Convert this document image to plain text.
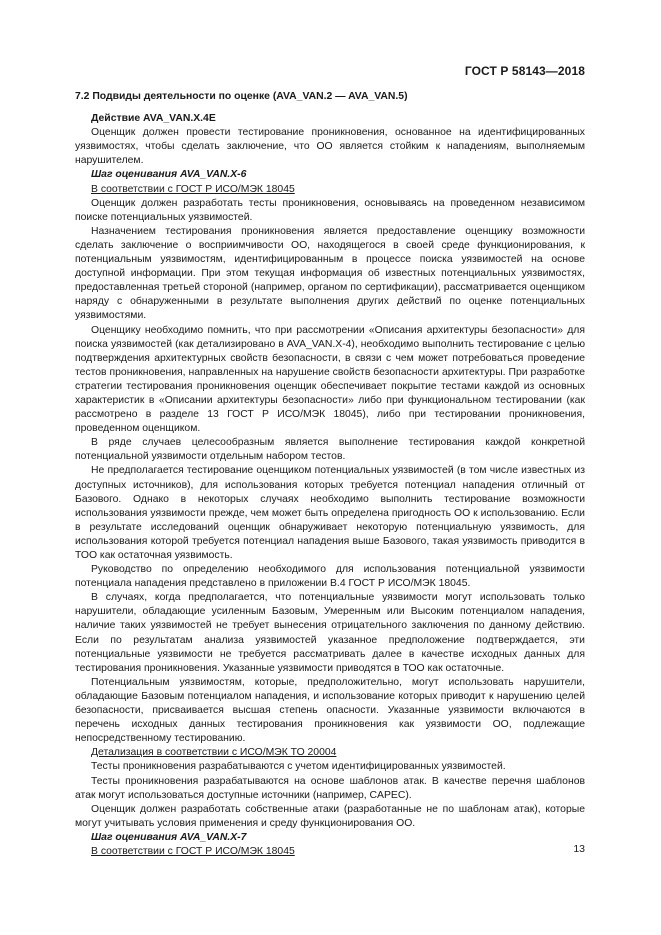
ГОСТ Р 58143—2018

7.2 Подвиды деятельности по оценке (AVA_VAN.2 — AVA_VAN.5)

Действие AVA_VAN.X.4E

Оценщик должен провести тестирование проникновения, основанное на идентифицированных уязвимостях, чтобы сделать заключение, что ОО является стойким к нападениям, выполняемым нарушителем.

Шаг оценивания AVA_VAN.X-6

В соответствии с ГОСТ Р ИСО/МЭК 18045

Оценщик должен разработать тесты проникновения, основываясь на проведенном независимом поиске потенциальных уязвимостей.

Назначением тестирования проникновения является предоставление оценщику возможности сделать заключение о восприимчивости ОО, находящегося в своей среде функционирования, к потенциальным уязвимостям, идентифицированным в процессе поиска уязвимостей на основе доступной информации. При этом текущая информация об известных потенциальных уязвимостях, предоставленная третьей стороной (например, органом по сертификации), рассматривается оценщиком наряду с обнаруженными в результате выполнения других действий по оценке потенциальных уязвимостями.

Оценщику необходимо помнить, что при рассмотрении «Описания архитектуры безопасности» для поиска уязвимостей (как детализировано в AVA_VAN.X-4), необходимо выполнить тестирование с целью подтверждения архитектурных свойств безопасности, в связи с чем может потребоваться проведение тестов проникновения, направленных на нарушение свойств безопасности архитектуры. При разработке стратегии тестирования проникновения оценщик обеспечивает покрытие тестами каждой из основных характеристик в «Описании архитектуры безопасности» либо при функциональном тестировании (как рассмотрено в разделе 13 ГОСТ Р ИСО/МЭК 18045), либо при тестировании проникновения, проведенном оценщиком.

В ряде случаев целесообразным является выполнение тестирования каждой конкретной потенциальной уязвимости отдельным набором тестов.

Не предполагается тестирование оценщиком потенциальных уязвимостей (в том числе известных из доступных источников), для использования которых требуется потенциал нападения отличный от Базового. Однако в некоторых случаях необходимо выполнить тестирование возможности использования уязвимости прежде, чем может быть определена пригодность ОО к использованию. Если в результате исследований оценщик обнаруживает некоторую потенциальную уязвимость, для использования которой требуется потенциал нападения выше Базового, такая уязвимость приводится в ТОО как остаточная уязвимость.

Руководство по определению необходимого для использования потенциальной уязвимости потенциала нападения представлено в приложении В.4 ГОСТ Р ИСО/МЭК 18045.

В случаях, когда предполагается, что потенциальные уязвимости могут использовать только нарушители, обладающие усиленным Базовым, Умеренным или Высоким потенциалом нападения, наличие таких уязвимостей не требует вынесения отрицательного заключения по данному действию. Если по результатам анализа уязвимостей указанное предположение подтверждается, эти потенциальные уязвимости не требуется рассматривать далее в качестве исходных данных для тестирования проникновения. Указанные уязвимости приводятся в ТОО как остаточные.

Потенциальным уязвимостям, которые, предположительно, могут использовать нарушители, обладающие Базовым потенциалом нападения, и использование которых приводит к нарушению целей безопасности, присваивается высшая степень опасности. Указанные уязвимости включаются в перечень исходных данных тестирования проникновения как уязвимости ОО, подлежащие непосредственному тестированию.

Детализация в соответствии с ИСО/МЭК ТО 20004

Тесты проникновения разрабатываются с учетом идентифицированных уязвимостей.

Тесты проникновения разрабатываются на основе шаблонов атак. В качестве перечня шаблонов атак могут использоваться доступные источники (например, CAPEC).

Оценщик должен разработать собственные атаки (разработанные не по шаблонам атак), которые могут учитывать условия применения и среду функционирования ОО.

Шаг оценивания AVA_VAN.X-7

В соответствии с ГОСТ Р ИСО/МЭК 18045	13
